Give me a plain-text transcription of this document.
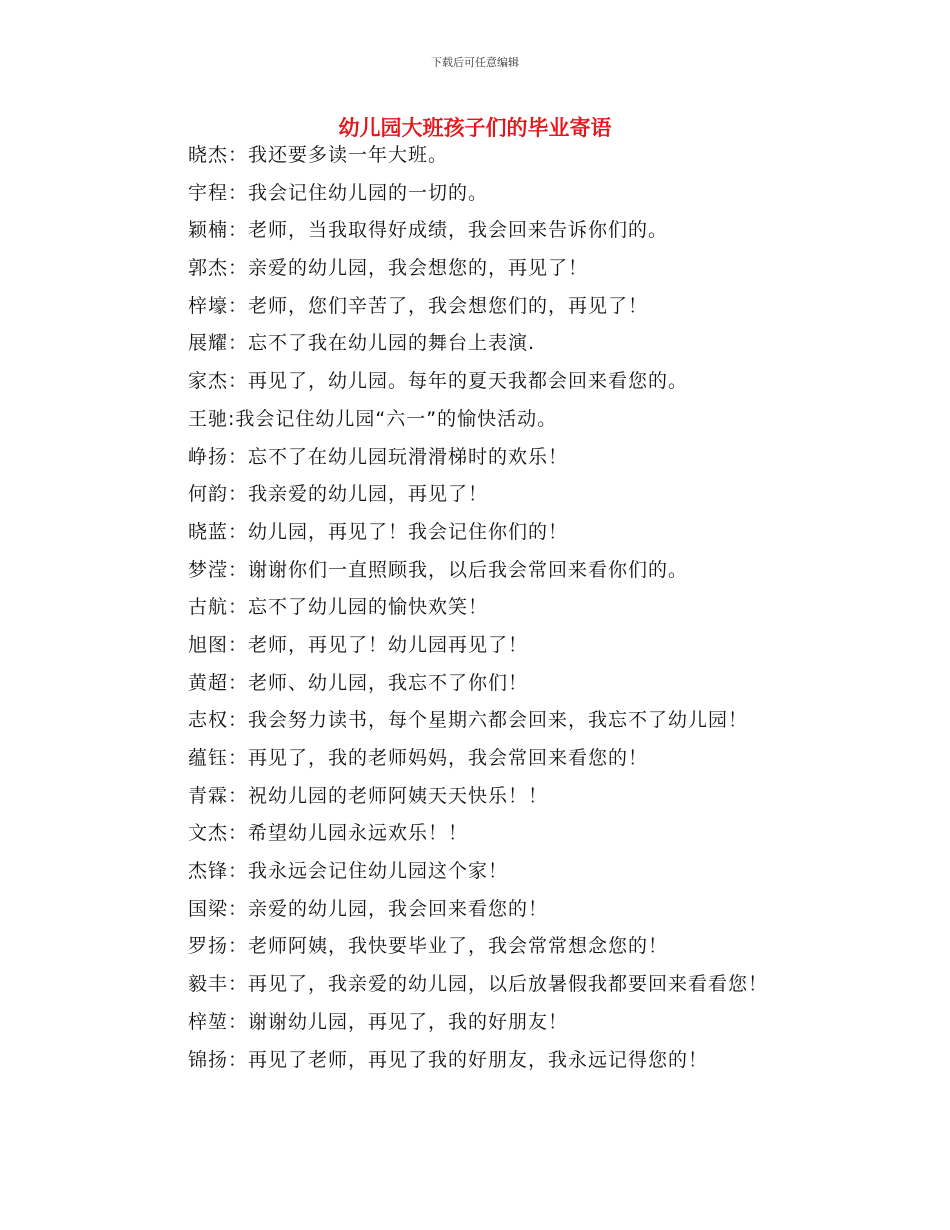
下载后可任意编辑
幼儿园大班孩子们的毕业寄语
晓杰：我还要多读一年大班。
宇程：我会记住幼儿园的一切的。
颖楠：老师，当我取得好成绩，我会回来告诉你们的。
郭杰：亲爱的幼儿园，我会想您的，再见了！
梓壕：老师，您们辛苦了，我会想您们的，再见了！
展耀：忘不了我在幼儿园的舞台上表演.
家杰：再见了，幼儿园。每年的夏天我都会回来看您的。
王驰:我会记住幼儿园“六一”的愉快活动。
峥扬：忘不了在幼儿园玩滑滑梯时的欢乐！
何韵：我亲爱的幼儿园，再见了！
晓蓝：幼儿园，再见了！我会记住你们的！
梦滢：谢谢你们一直照顾我，以后我会常回来看你们的。
古航：忘不了幼儿园的愉快欢笑！
旭图：老师，再见了！幼儿园再见了！
黄超：老师、幼儿园，我忘不了你们！
志权：我会努力读书，每个星期六都会回来，我忘不了幼儿园！
蕴钰：再见了，我的老师妈妈，我会常回来看您的！
青霖：祝幼儿园的老师阿姨天天快乐！！
文杰：希望幼儿园永远欢乐！！
杰锋：我永远会记住幼儿园这个家！
国梁：亲爱的幼儿园，我会回来看您的！
罗扬：老师阿姨，我快要毕业了，我会常常想念您的！
毅丰：再见了，我亲爱的幼儿园，以后放暑假我都要回来看看您！
梓堃：谢谢幼儿园，再见了，我的好朋友！
锦扬：再见了老师，再见了我的好朋友，我永远记得您的！
